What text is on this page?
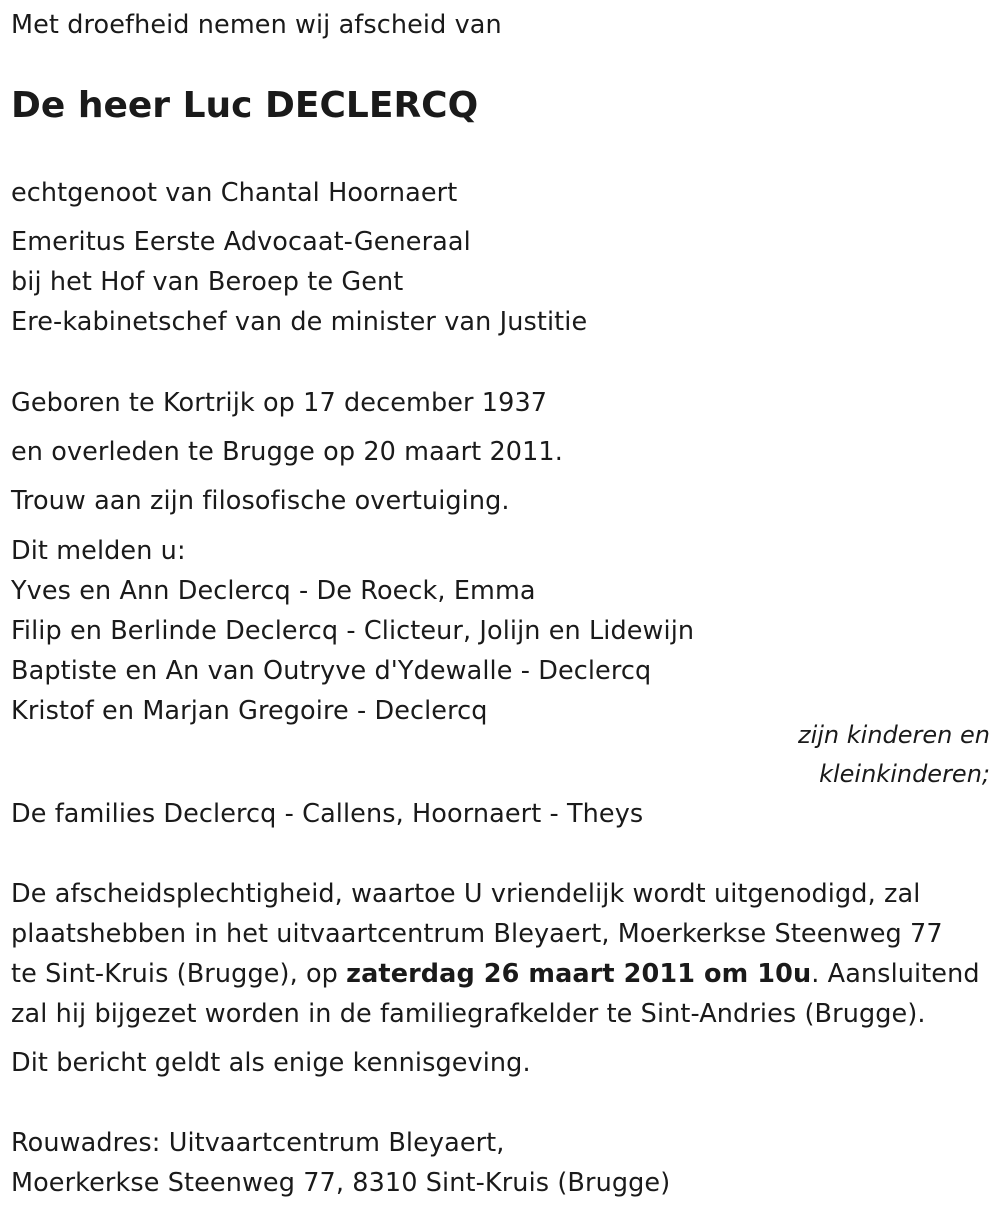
Met droefheid nemen wij afscheid van

De heer Luc DECLERCQ

echtgenoot van Chantal Hoornaert

Emeritus Eerste Advocaat-Generaal

bij het Hof van Beroep te Gent

Ere-kabinetschef van de minister van Justitie

Geboren te Kortrijk op 17 december 1937

en overleden te Brugge op 20 maart 2011.

Trouw aan zijn filosofische overtuiging.

Dit melden u:

Yves en Ann Declercq - De Roeck, Emma

Filip en Berlinde Declercq - Clicteur, Jolijn en Lidewijn

Baptiste en An van Outryve d'Ydewalle - Declercq

Kristof en Marjan Gregoire - Declercq

zijn kinderen en

kleinkinderen;

De families Declercq - Callens, Hoornaert - Theys

De afscheidsplechtigheid, waartoe U vriendelijk wordt uitgenodigd, zal

plaatshebben in het uitvaartcentrum Bleyaert, Moerkerkse Steenweg 77

te Sint-Kruis (Brugge), op zaterdag 26 maart 2011 om 10u. Aansluitend

zal hij bijgezet worden in de familiegrafkelder te Sint-Andries (Brugge).

Dit bericht geldt als enige kennisgeving.

Rouwadres: Uitvaartcentrum Bleyaert,

Moerkerkse Steenweg 77, 8310 Sint-Kruis (Brugge)
